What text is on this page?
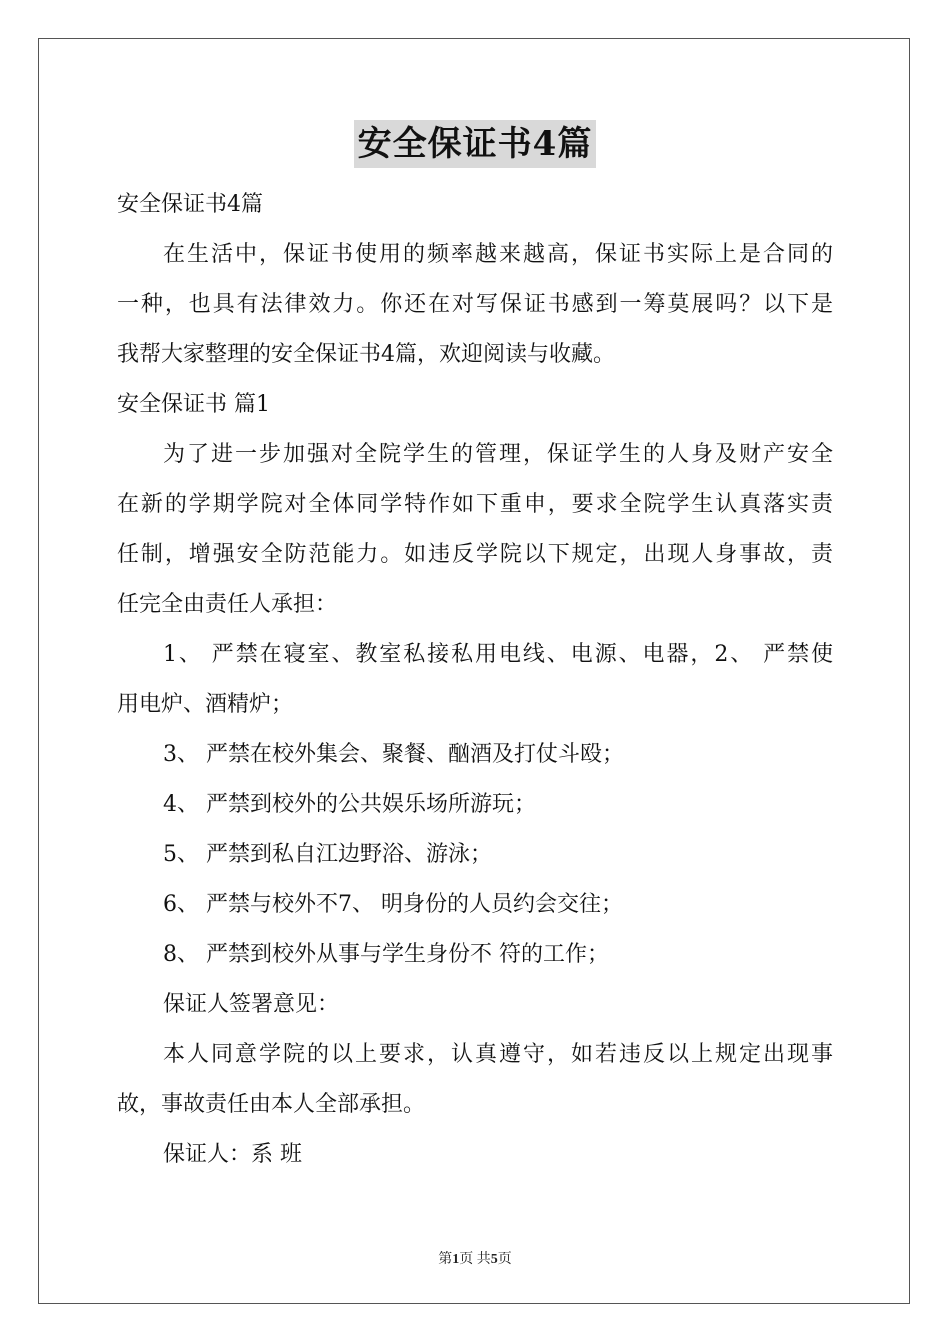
安全保证书4篇
安全保证书4篇
在生活中，保证书使用的频率越来越高，保证书实际上是合同的
一种，也具有法律效力。你还在对写保证书感到一筹莫展吗？以下是
我帮大家整理的安全保证书4篇，欢迎阅读与收藏。
安全保证书 篇1
为了进一步加强对全院学生的管理，保证学生的人身及财产安全
在新的学期学院对全体同学特作如下重申，要求全院学生认真落实责
任制，增强安全防范能力。如违反学院以下规定，出现人身事故，责
任完全由责任人承担：
1、 严禁在寝室、教室私接私用电线、电源、电器，2、 严禁使
用电炉、酒精炉；
3、 严禁在校外集会、聚餐、酗酒及打仗斗殴；
4、 严禁到校外的公共娱乐场所游玩；
5、 严禁到私自江边野浴、游泳；
6、 严禁与校外不7、 明身份的人员约会交往；
8、 严禁到校外从事与学生身份不 符的工作；
保证人签署意见：
本人同意学院的以上要求，认真遵守，如若违反以上规定出现事
故，事故责任由本人全部承担。
保证人：系 班
第1页 共5页
